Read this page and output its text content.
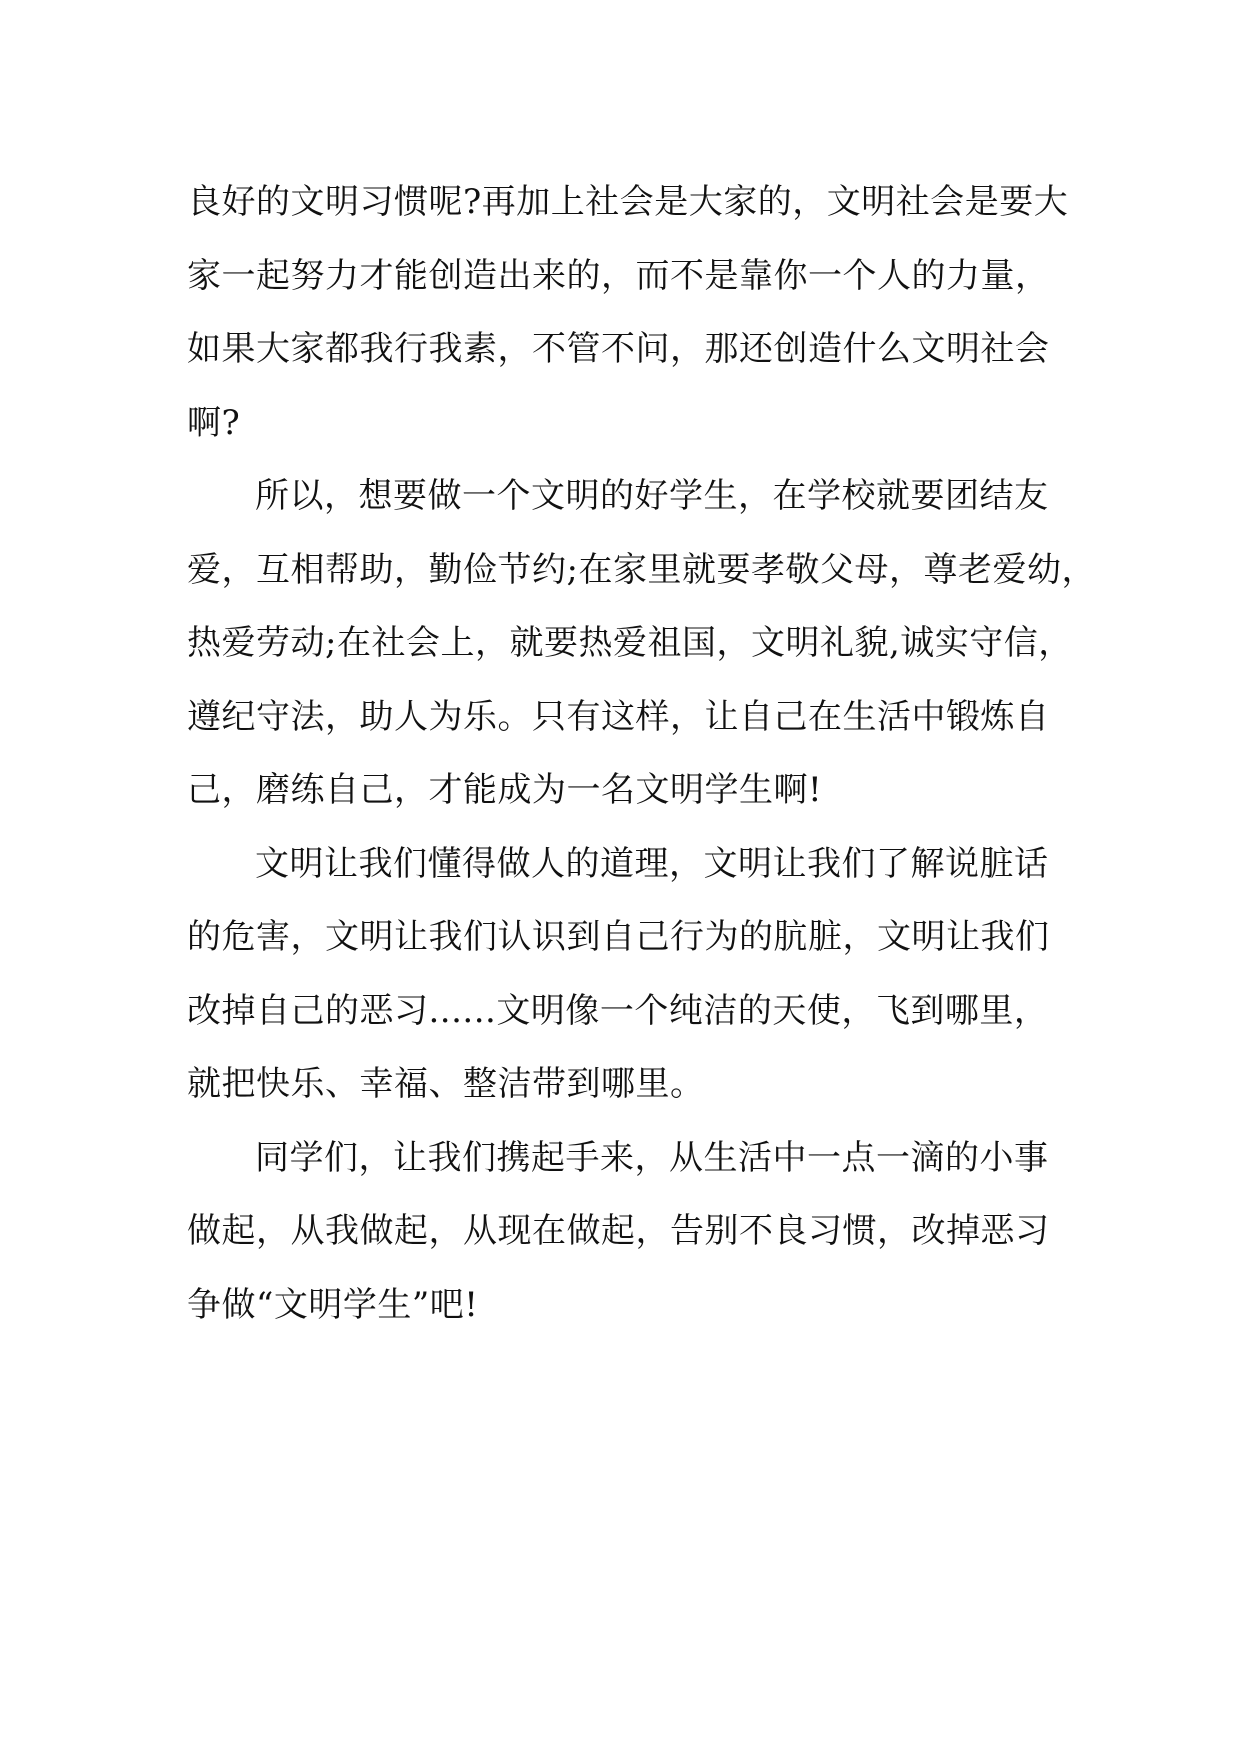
良好的文明习惯呢?再加上社会是大家的，文明社会是要大
家一起努力才能创造出来的，而不是靠你一个人的力量，
如果大家都我行我素，不管不问，那还创造什么文明社会
啊?
所以，想要做一个文明的好学生，在学校就要团结友
爱，互相帮助，勤俭节约;在家里就要孝敬父母，尊老爱幼，
热爱劳动;在社会上，就要热爱祖国，文明礼貌,诚实守信，
遵纪守法，助人为乐。只有这样，让自己在生活中锻炼自
己，磨练自己，才能成为一名文明学生啊!
文明让我们懂得做人的道理，文明让我们了解说脏话
的危害，文明让我们认识到自己行为的肮脏，文明让我们
改掉自己的恶习......文明像一个纯洁的天使，飞到哪里，
就把快乐、幸福、整洁带到哪里。
同学们，让我们携起手来，从生活中一点一滴的小事
做起，从我做起，从现在做起，告别不良习惯，改掉恶习
争做“文明学生”吧!
